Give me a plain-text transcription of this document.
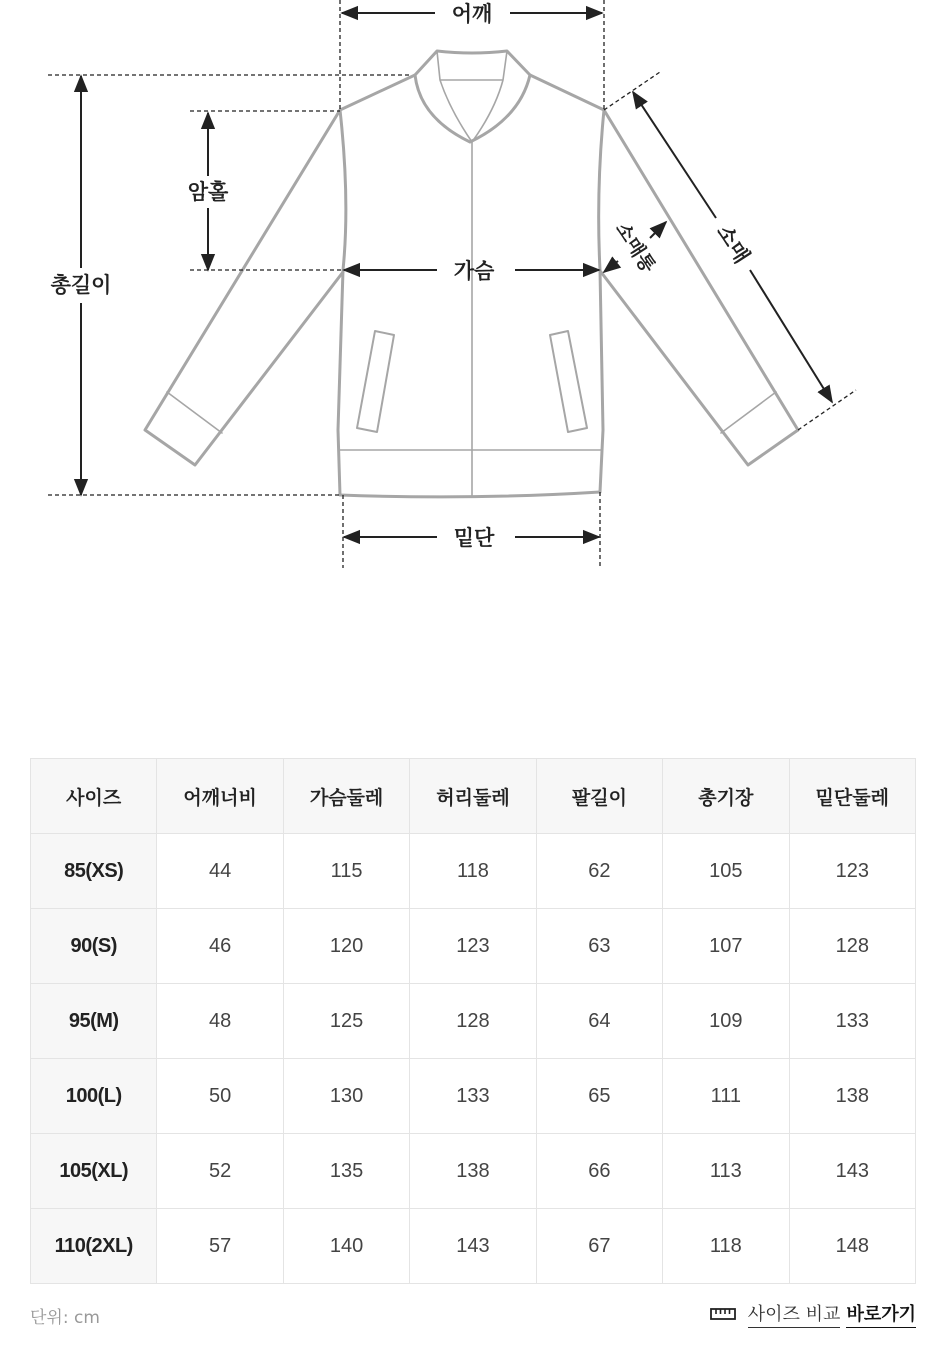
어깨
암홀
총길이
가슴
밑단
소매
소매통
사이즈	어깨너비	가슴둘레	허리둘레	팔길이	총기장	밑단둘레
85(XS)	44	115	118	62	105	123
90(S)	46	120	123	63	107	128
95(M)	48	125	128	64	109	133
100(L)	50	130	133	65	111	138
105(XL)	52	135	138	66	113	143
110(2XL)	57	140	143	67	118	148
단위: cm	사이즈 비교 바로가기
